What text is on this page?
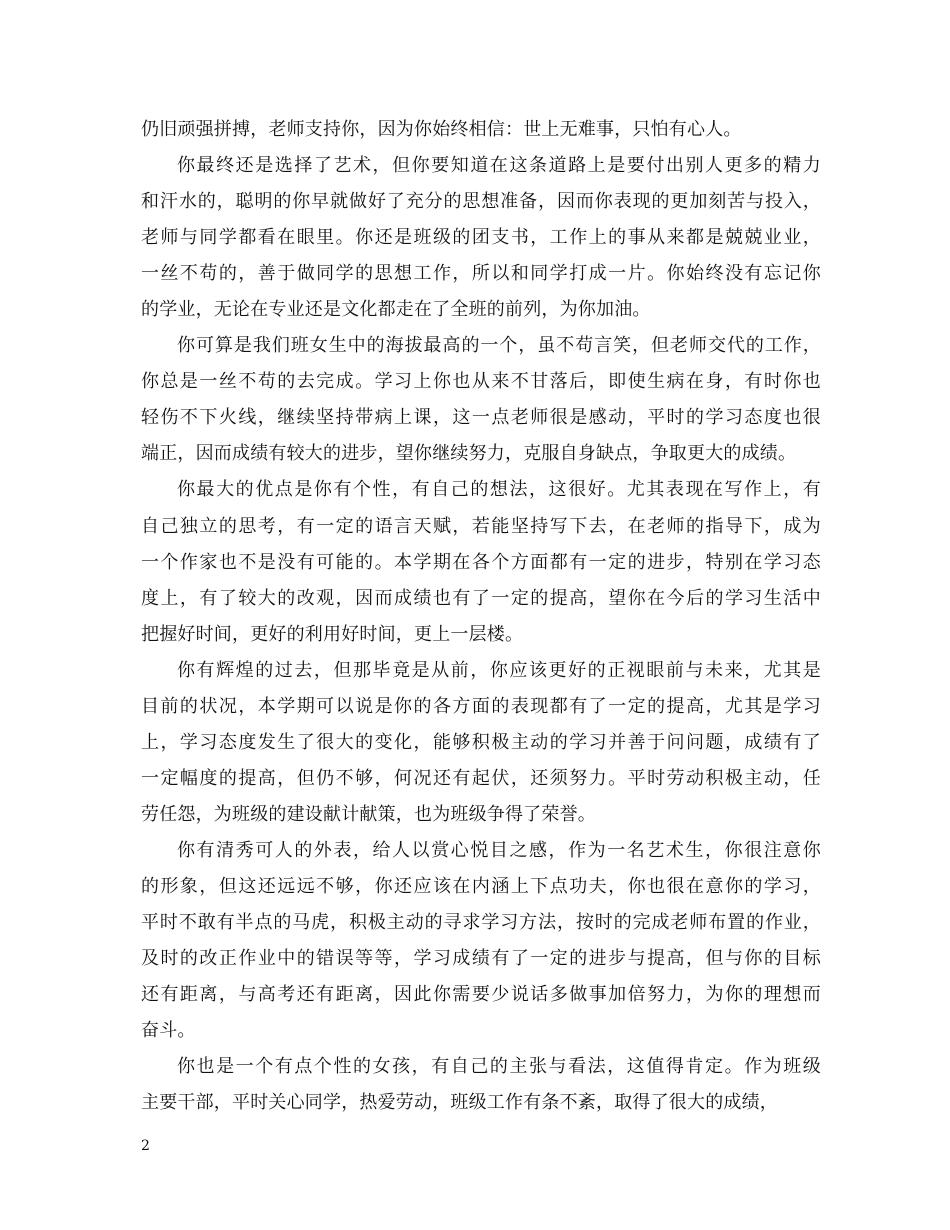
仍旧顽强拼搏，老师支持你，因为你始终相信：世上无难事，只怕有心人。
你最终还是选择了艺术，但你要知道在这条道路上是要付出别人更多的精力
和汗水的，聪明的你早就做好了充分的思想准备，因而你表现的更加刻苦与投入，
老师与同学都看在眼里。你还是班级的团支书，工作上的事从来都是兢兢业业，
一丝不苟的，善于做同学的思想工作，所以和同学打成一片。你始终没有忘记你
的学业，无论在专业还是文化都走在了全班的前列，为你加油。
你可算是我们班女生中的海拔最高的一个，虽不苟言笑，但老师交代的工作，
你总是一丝不苟的去完成。学习上你也从来不甘落后，即使生病在身，有时你也
轻伤不下火线，继续坚持带病上课，这一点老师很是感动，平时的学习态度也很
端正，因而成绩有较大的进步，望你继续努力，克服自身缺点，争取更大的成绩。
你最大的优点是你有个性，有自己的想法，这很好。尤其表现在写作上，有
自己独立的思考，有一定的语言天赋，若能坚持写下去，在老师的指导下，成为
一个作家也不是没有可能的。本学期在各个方面都有一定的进步，特别在学习态
度上，有了较大的改观，因而成绩也有了一定的提高，望你在今后的学习生活中
把握好时间，更好的利用好时间，更上一层楼。
你有辉煌的过去，但那毕竟是从前，你应该更好的正视眼前与未来，尤其是
目前的状况，本学期可以说是你的各方面的表现都有了一定的提高，尤其是学习
上，学习态度发生了很大的变化，能够积极主动的学习并善于问问题，成绩有了
一定幅度的提高，但仍不够，何况还有起伏，还须努力。平时劳动积极主动，任
劳任怨，为班级的建设献计献策，也为班级争得了荣誉。
你有清秀可人的外表，给人以赏心悦目之感，作为一名艺术生，你很注意你
的形象，但这还远远不够，你还应该在内涵上下点功夫，你也很在意你的学习，
平时不敢有半点的马虎，积极主动的寻求学习方法，按时的完成老师布置的作业，
及时的改正作业中的错误等等，学习成绩有了一定的进步与提高，但与你的目标
还有距离，与高考还有距离，因此你需要少说话多做事加倍努力，为你的理想而
奋斗。
你也是一个有点个性的女孩，有自己的主张与看法，这值得肯定。作为班级
主要干部，平时关心同学，热爱劳动，班级工作有条不紊，取得了很大的成绩，
2
